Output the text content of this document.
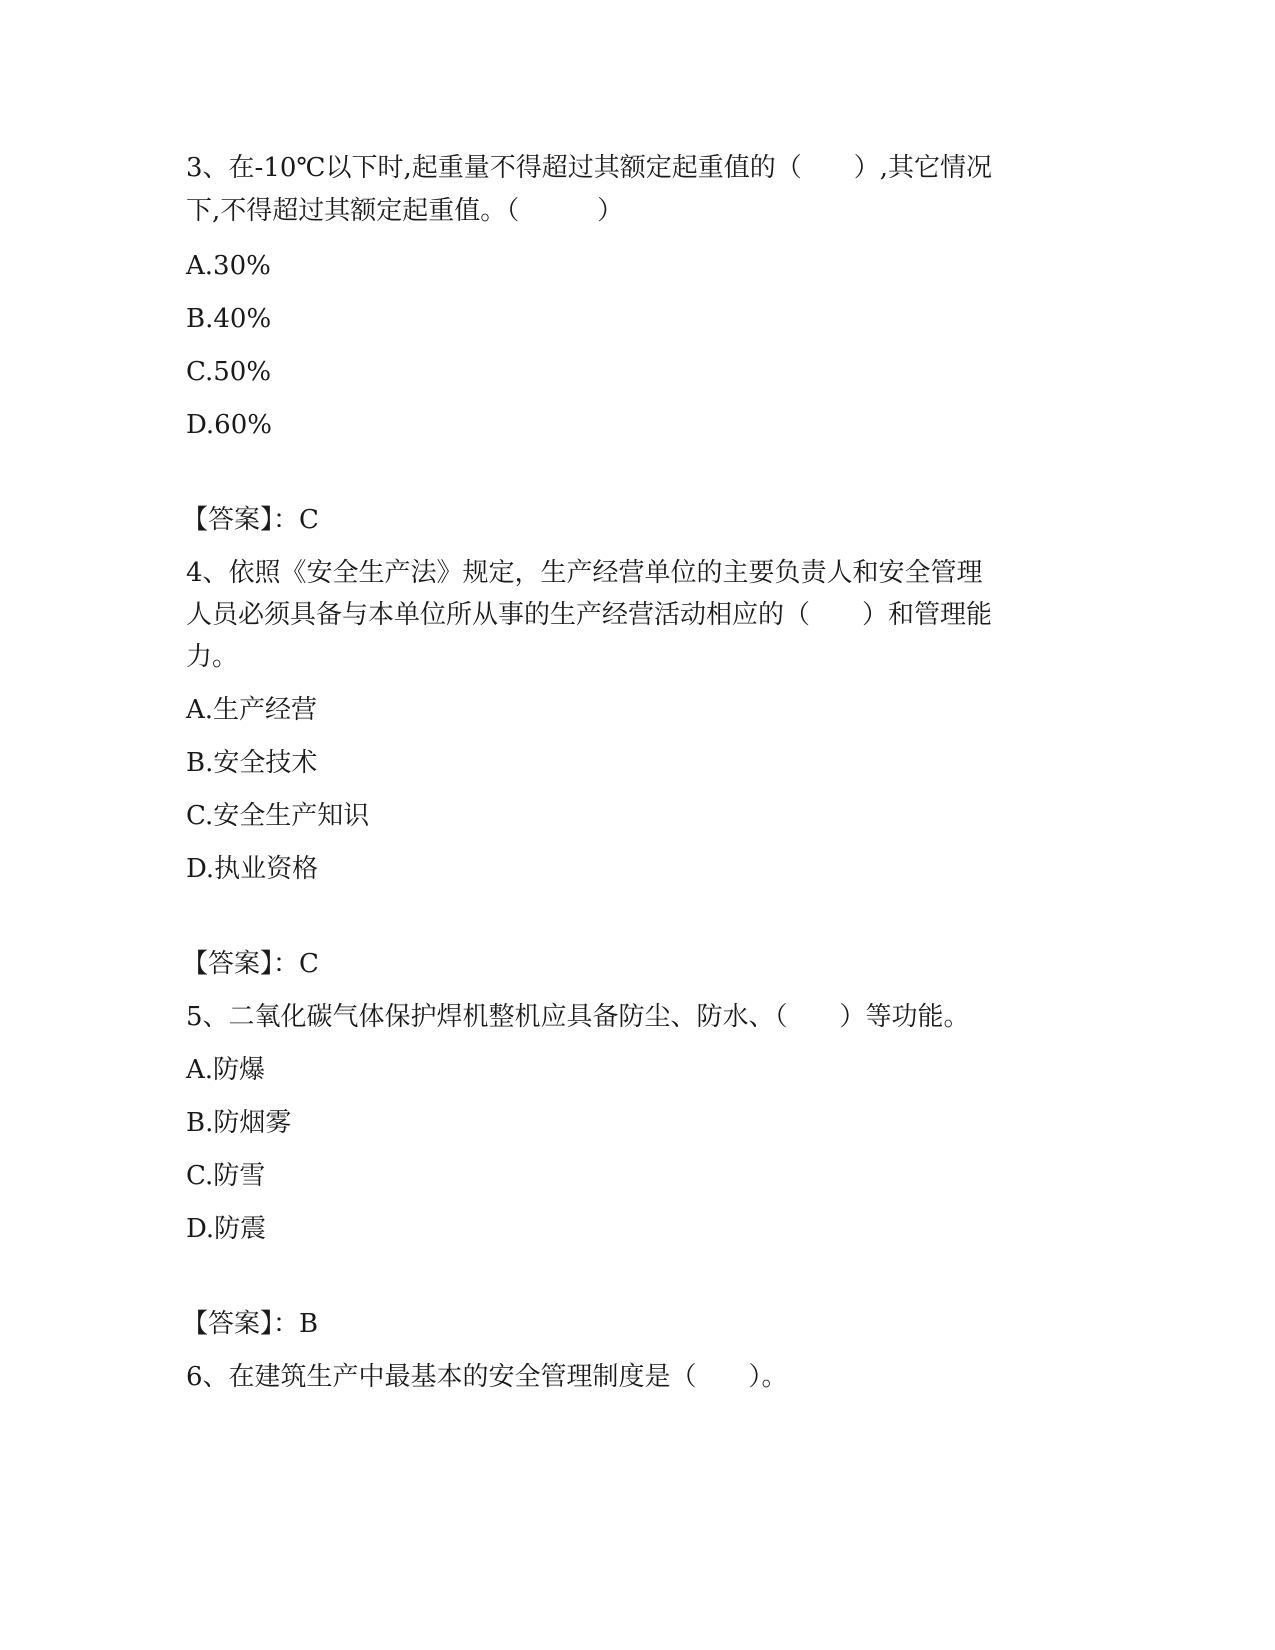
3、在-10℃以下时,起重量不得超过其额定起重值的（　　）,其它情况
下,不得超过其额定起重值。（　　　）
A.30%
B.40%
C.50%
D.60%
【答案】：C
4、依照《安全生产法》规定，生产经营单位的主要负责人和安全管理
人员必须具备与本单位所从事的生产经营活动相应的（　　）和管理能
力。
A.生产经营
B.安全技术
C.安全生产知识
D.执业资格
【答案】：C
5、二氧化碳气体保护焊机整机应具备防尘、防水、（　　）等功能。
A.防爆
B.防烟雾
C.防雪
D.防震
【答案】：B
6、在建筑生产中最基本的安全管理制度是（　　）。
